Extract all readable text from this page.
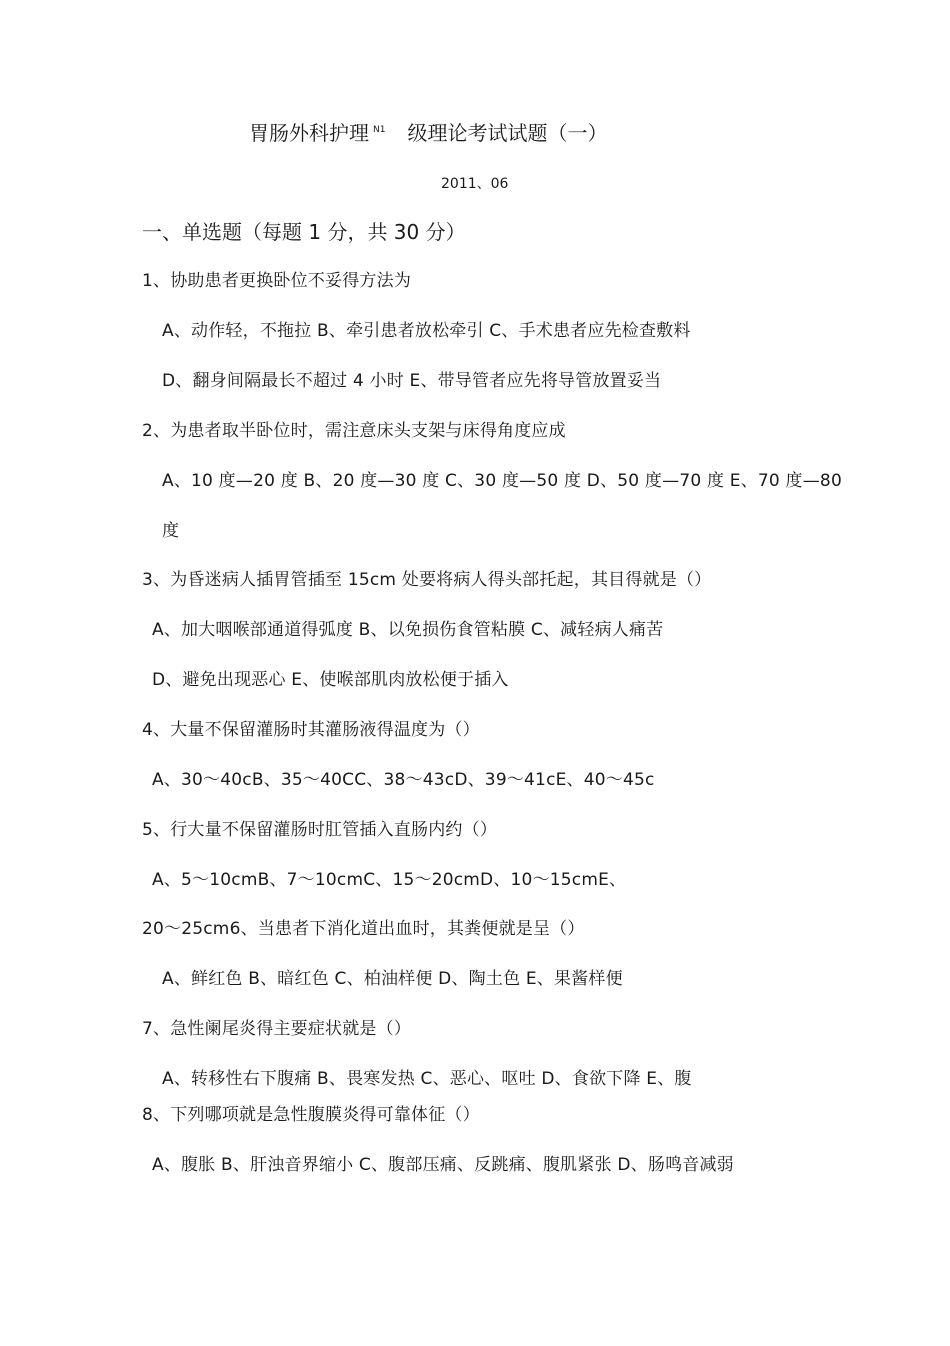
胃肠外科护理 $^{N1}$ 级理论考试试题（一）
2011、06
一、单选题（每题 1 分，共 30 分）
1、协助患者更换卧位不妥得方法为
A、动作轻，不拖拉 B、牵引患者放松牵引 C、手术患者应先检查敷料
D、翻身间隔最长不超过 4 小时 E、带导管者应先将导管放置妥当
2、为患者取半卧位时，需注意床头支架与床得角度应成
A、10 度—20 度 B、20 度—30 度 C、30 度—50 度 D、50 度—70 度 E、70 度—80
度
3、为昏迷病人插胃管插至 15cm 处要将病人得头部托起，其目得就是（）
A、加大咽喉部通道得弧度 B、以免损伤食管粘膜 C、减轻病人痛苦
D、避免出现恶心 E、使喉部肌肉放松便于插入
4、大量不保留灌肠时其灌肠液得温度为（）
A、30〜40cB、35〜40CC、38〜43cD、39〜41cE、40〜45c
5、行大量不保留灌肠时肛管插入直肠内约（）
A、5〜10cmB、7〜10cmC、15〜20cmD、10〜15cmE、
20〜25cm6、当患者下消化道出血时，其粪便就是呈（）
A、鲜红色 B、暗红色 C、柏油样便 D、陶土色 E、果酱样便
7、急性阑尾炎得主要症状就是（）
A、转移性右下腹痛 B、畏寒发热 C、恶心、呕吐 D、食欲下降 E、腹
8、下列哪项就是急性腹膜炎得可靠体征（）
A、腹胀 B、肝浊音界缩小 C、腹部压痛、反跳痛、腹肌紧张 D、肠鸣音减弱
